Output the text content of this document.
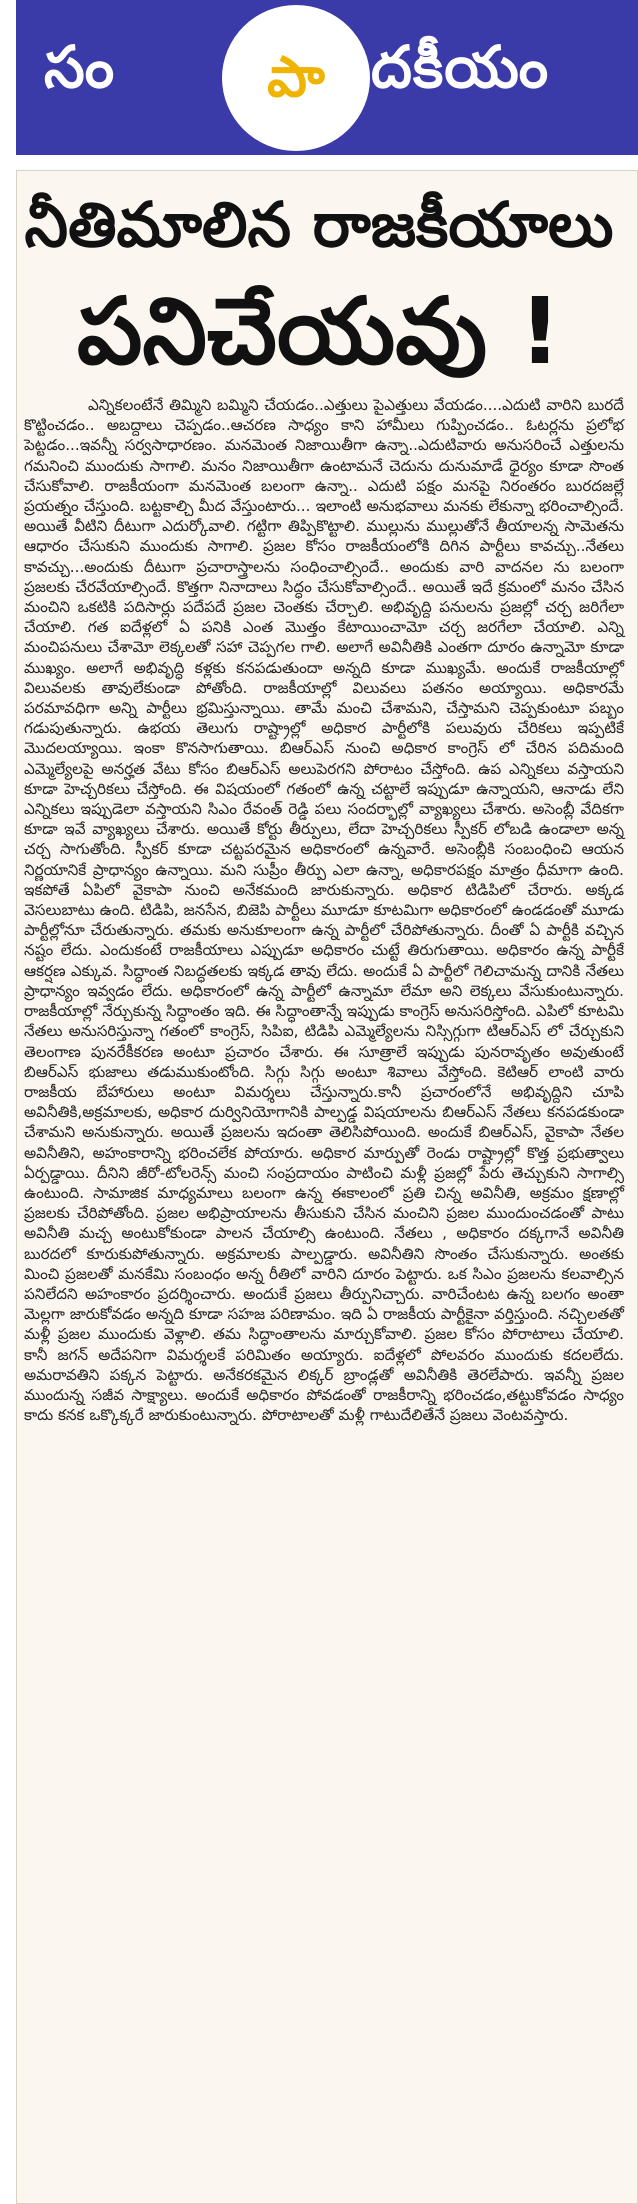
సం	పా దకీయం
నీతిమాలిన రాజకీయాలు
పనిచేయవు !

ఎన్నికలంటేనే తిమ్మిని బమ్మిని చేయడం..ఎత్తులు పైఎత్తులు వేయడం....ఎదుటి వారిని బురదే కొట్టించడం.. అబద్దాలు చెప్పడం..ఆచరణ సాధ్యం కాని హామీలు గుప్పించడం.. ఓటర్లను ప్రలోభ పెట్టడం...ఇవన్నీ సర్వసాధారణం. మనమెంత నిజాయితీగా ఉన్నా..ఎదుటివారు అనుసరించే ఎత్తులను గమనించి ముందుకు సాగాలి. మనం నిజాయితీగా ఉంటామనే చెదును దునుమాడే ధైర్యం కూడా సొంత చేసుకోవాలి. రాజకీయంగా మనమెంత బలంగా ఉన్నా.. ఎదుటి పక్షం మనపై నిరంతరం బురదజల్లే ప్రయత్నం చేస్తుంది. బట్టకాల్చి మీద వేస్తుంటారు... ఇలాంటి అనుభవాలు మనకు లేకున్నా భరించాల్సిందే. అయితే వీటిని దీటుగా ఎదుర్కోవాలి. గట్టిగా తిప్పికొట్టాలి. ముల్లును ముల్లుతోనే తీయాలన్న సామెతను ఆధారం చేసుకుని ముందుకు సాగాలి. ప్రజల కోసం రాజకీయంలోకి దిగిన పార్టీలు కావచ్చు..నేతలు కావచ్చు...అందుకు దీటుగా ప్రచారాస్త్రాలను సంధించాల్సిందే.. అందుకు వారి వాదనల ను బలంగా ప్రజలకు చేరవేయాల్సిందే. కొత్తగా నినాదాలు సిద్ధం చేసుకోవాల్సిందే.. అయితే ఇదే క్రమంలో మనం చేసిన మంచిని ఒకటికి పదిసార్లు పదేపదే ప్రజల చెంతకు చేర్చాలి. అభివృద్ది పనులను ప్రజల్లో చర్చ జరిగేలా చేయాలి. గత ఐదేళ్లలో ఏ పనికి ఎంత మొత్తం కేటాయించామో చర్చ జరగేలా చేయాలి. ఎన్ని మంచిపనులు చేశామో లెక్కలతో సహా చెప్పగల గాలి. అలాగే అవినీతికి ఎంతగా దూరం ఉన్నామో కూడా ముఖ్యం. అలాగే అభివృద్ధి కళ్లకు కనపడుతుందా అన్నది కూడా ముఖ్యమే. అందుకే రాజకీయాల్లో విలువలకు తావులేకుండా పోతోంది. రాజకీయాల్లో విలువలు పతనం అయ్యాయి. అధికారమే పరమావధిగా అన్ని పార్టీలు భ్రమిస్తున్నాయి. తామే మంచి చేశామని, చేస్తామని చెప్పకుంటూ పబ్బం గడుపుతున్నారు. ఉభయ తెలుగు రాష్ట్రాల్లో అధికార పార్టీలోకి పలువురు చేరికలు ఇప్పటికే మొదలయ్యాయి. ఇంకా కొనసాగుతాయి. బిఆర్ఎస్ నుంచి అధికార కాంగ్రెస్ లో చేరిన పదిమంది ఎమ్మెల్యేలపై అనర్హత వేటు కోసం బిఆర్ఎస్ అలుపెరగని పోరాటం చేస్తోంది. ఉప ఎన్నికలు వస్తాయని కూడా హెచ్చరికలు చేస్తోంది. ఈ విషయంలో గతంలో ఉన్న చట్టాలే ఇప్పుడూ ఉన్నాయని, ఆనాడు లేని ఎన్నికలు ఇప్పుడెలా వస్తాయని సిఎం రేవంత్ రెడ్డి పలు సందర్భాల్లో వ్యాఖ్యలు చేశారు. అసెంబ్లీ వేదికగా కూడా ఇవే వ్యాఖ్యలు చేశారు. అయితే కోర్టు తీర్పులు, లేదా హెచ్చరికలు స్పీకర్ లోబడి ఉండాలా అన్న చర్చ సాగుతోంది. స్పీకర్ కూడా చట్టపరమైన అధికారంలో ఉన్నవారే. అసెంబ్లీకి సంబంధించి ఆయన నిర్ణయానికే ప్రాధాన్యం ఉన్నాయి. మని సుప్రీం తీర్పు ఎలా ఉన్నా, అధికారపక్షం మాత్రం ధీమాగా ఉంది. ఇకపోతే ఏపిలో వైకాపా నుంచి అనేకమంది జారుకున్నారు. అధికార టిడిపిలో చేరారు. అక్కడ వెసలుబాటు ఉంది. టిడిపి, జనసేన, బిజెపి పార్టీలు మూడూ కూటమిగా అధికారంలో ఉండడంతో మూడు పార్టీల్లోనూ చేరుతున్నారు. తమకు అనుకూలంగా ఉన్న పార్టీలో చేరిపోతున్నారు. దీంతో ఏ పార్టీకి వచ్చిన నష్టం లేదు. ఎందుకంటే రాజకీయాలు ఎప్పుడూ అధికారం చుట్టే తిరుగుతాయి. అధికారం ఉన్న పార్టీకే ఆకర్షణ ఎక్కువ. సిద్ధాంత నిబద్ధతలకు ఇక్కడ తావు లేదు. అందుకే ఏ పార్టీలో గెలిచామన్న దానికి నేతలు ప్రాధాన్యం ఇవ్వడం లేదు. అధికారంలో ఉన్న పార్టీలో ఉన్నామా లేమా అని లెక్కలు వేసుకుంటున్నారు. రాజకీయాల్లో నేర్చుకున్న సిద్ధాంతం ఇది. ఈ సిద్ధాంతాన్నే ఇప్పుడు కాంగ్రెస్ అనుసరిస్తోంది. ఎపిలో కూటమి నేతలు అనుసరిస్తున్నా గతంలో కాంగ్రెస్, సిపిఐ, టిడిపి ఎమ్మెల్యేలను నిస్సిగ్గుగా టిఆర్ఎస్ లో చేర్చుకుని తెలంగాణ పునరేకీకరణ అంటూ ప్రచారం చేశారు. ఈ సూత్రాలే ఇప్పుడు పునరావృతం అవుతుంటే బిఆర్ఎస్ భుజాలు తడుముకుంటోంది. సిగ్గు సిగ్గు అంటూ శివాలు వేస్తోంది. కెటిఆర్ లాంటి వారు రాజకీయ బేహారులు అంటూ విమర్శలు చేస్తున్నారు.కానీ ప్రచారంలోనే అభివృద్దిని చూపి అవినీతికి,అక్రమాలకు, అధికార దుర్వినియోగానికి పాల్పడ్డ విషయాలను బిఆర్ఎస్ నేతలు కనపడకుండా చేశామని అనుకున్నారు. అయితే ప్రజలను ఇదంతా తెలిసిపోయింది. అందుకే బిఆర్ఎస్, వైకాపా నేతల అవినీతిని, అహంకారాన్ని భరించలేక పోయారు. అధికార మార్పుతో రెండు రాష్ట్రాల్లో కొత్త ప్రభుత్వాలు ఏర్పడ్డాయి. దీనిని జీరో-టోలరెన్స్ మంచి సంప్రదాయం పాటించి మళ్లీ ప్రజల్లో పేరు తెచ్చుకుని సాగాల్సి ఉంటుంది. సామాజిక మాధ్యమాలు బలంగా ఉన్న ఈకాలంలో ప్రతి చిన్న అవినీతి, అక్రమం క్షణాల్లో ప్రజలకు చేరిపోతోంది. ప్రజల అభిప్రాయాలను తీసుకుని చేసిన మంచిని ప్రజల ముందుంచడంతో పాటు అవినీతి మచ్చ అంటుకోకుండా పాలన చేయాల్సి ఉంటుంది. నేతలు , అధికారం దక్కగానే అవినీతి బురదలో కూరుకుపోతున్నారు. అక్రమాలకు పాల్పడ్డారు. అవినీతిని సొంతం చేసుకున్నారు. అంతకు మించి ప్రజలతో మనకేమి సంబంధం అన్న రీతిలో వారిని దూరం పెట్టారు. ఒక సిఎం ప్రజలను కలవాల్సిన పనిలేదని అహంకారం ప్రదర్శించారు. అందుకే ప్రజలు తీర్పునిచ్చారు. వారిచేంటట ఉన్న బలగం అంతా మెల్లగా జారుకోవడం అన్నది కూడా సహజ పరిణామం. ఇది ఏ రాజకీయ పార్టీకైనా వర్తిస్తుంది. నచ్చిలతతో మళ్లీ ప్రజల ముందుకు వెళ్లాలి. తమ సిద్ధాంతాలను మార్చుకోవాలి. ప్రజల కోసం పోరాటాలు చేయాలి. కానీ జగన్ అదేపనిగా విమర్శలకే పరిమితం అయ్యారు. ఐదేళ్లలో పోలవరం ముందుకు కదలలేదు. అమరావతిని పక్కన పెట్టారు. అనేకరకమైన లిక్కర్ బ్రాండ్లతో అవినీతికి తెరలేపారు. ఇవన్నీ ప్రజల ముందున్న సజీవ సాక్ష్యాలు. అందుకే అధికారం పోవడంతో రాజకీరాన్ని భరించడం,తట్టుకోవడం సాధ్యం కాదు కనక ఒక్కొక్కరే జారుకుంటున్నారు. పోరాటాలతో మళ్లీ గాటుదేలితేనే ప్రజలు వెంటవస్తారు.
